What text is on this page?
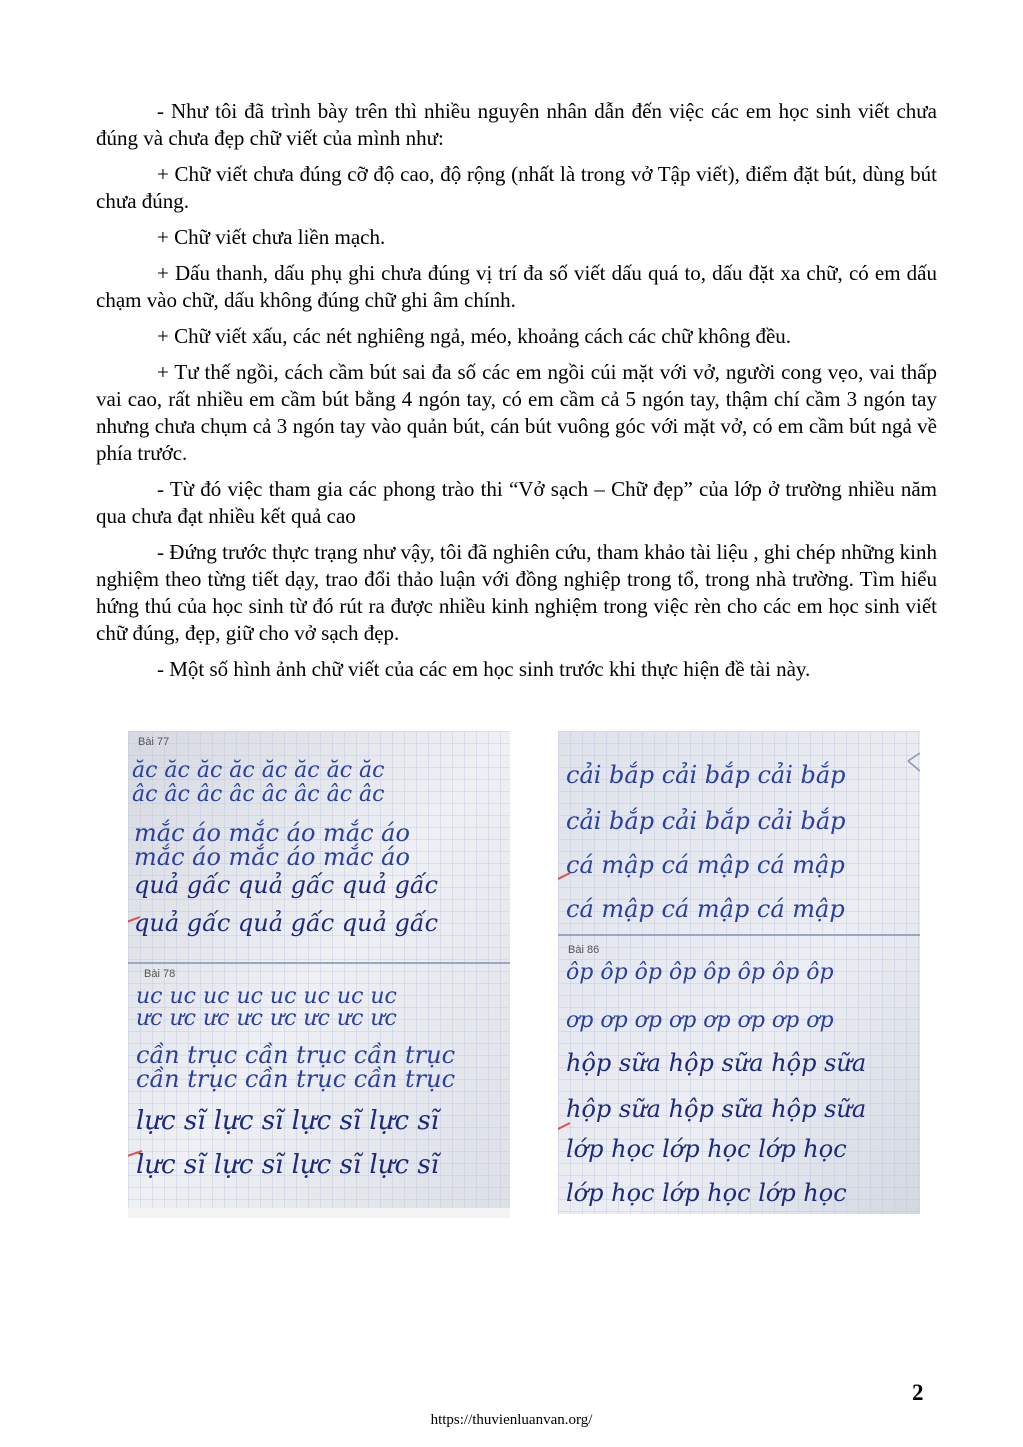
- Như tôi đã trình bày trên thì nhiều nguyên nhân dẫn đến việc các em học sinh viết chưa đúng và chưa đẹp chữ viết của mình như:

+ Chữ viết chưa đúng cỡ độ cao, độ rộng (nhất là trong vở Tập viết), điểm đặt bút, dùng bút chưa đúng.

+ Chữ viết chưa liền mạch.

+ Dấu thanh, dấu phụ ghi chưa đúng vị trí đa số viết dấu quá to, dấu đặt xa chữ, có em dấu chạm vào chữ, dấu không đúng chữ ghi âm chính.

+ Chữ viết xấu, các nét nghiêng ngả, méo, khoảng cách các chữ không đều.

+ Tư thế ngồi, cách cầm bút sai đa số các em ngồi cúi mặt với vở, người cong vẹo, vai thấp vai cao, rất nhiều em cầm bút bằng 4 ngón tay, có em cầm cả 5 ngón tay, thậm chí cầm 3 ngón tay nhưng chưa chụm cả 3 ngón tay vào quản bút, cán bút vuông góc với mặt vở, có em cầm bút ngả về phía trước.

- Từ đó việc tham gia các phong trào thi “Vở sạch – Chữ đẹp” của lớp ở trường nhiều năm qua chưa đạt nhiều kết quả cao

- Đứng trước thực trạng như vậy, tôi đã nghiên cứu, tham khảo tài liệu , ghi chép những kinh nghiệm theo từng tiết dạy, trao đổi thảo luận với đồng nghiệp trong tổ, trong nhà trường. Tìm hiểu hứng thú của học sinh từ đó rút ra được nhiều kinh nghiệm trong việc rèn cho các em học sinh viết chữ đúng, đẹp, giữ cho vở sạch đẹp.

- Một số hình ảnh chữ viết của các em học sinh trước khi thực hiện đề tài này.

Bài 77
ăc ăc ăc ăc ăc ăc ăc ăc
âc âc âc âc âc âc âc âc
mắc áo mắc áo mắc áo
mắc áo mắc áo mắc áo
quả gấc quả gấc quả gấc
quả gấc quả gấc quả gấc
Bài 78
uc uc uc uc uc uc uc uc
ưc ưc ưc ưc ưc ưc ưc ưc
cần trục cần trục cần trục
cần trục cần trục cần trục
lực sĩ lực sĩ lực sĩ lực sĩ
lực sĩ lực sĩ lực sĩ lực sĩ
cải bắp cải bắp cải bắp
cải bắp cải bắp cải bắp
cá mập cá mập cá mập
cá mập cá mập cá mập
Bài 86
ôp ôp ôp ôp ôp ôp ôp ôp
ơp ơp ơp ơp ơp ơp ơp ơp
hộp sữa hộp sữa hộp sữa
hộp sữa hộp sữa hộp sữa
lớp học lớp học lớp học
lớp học lớp học lớp học
2
https://thuvienluanvan.org/
